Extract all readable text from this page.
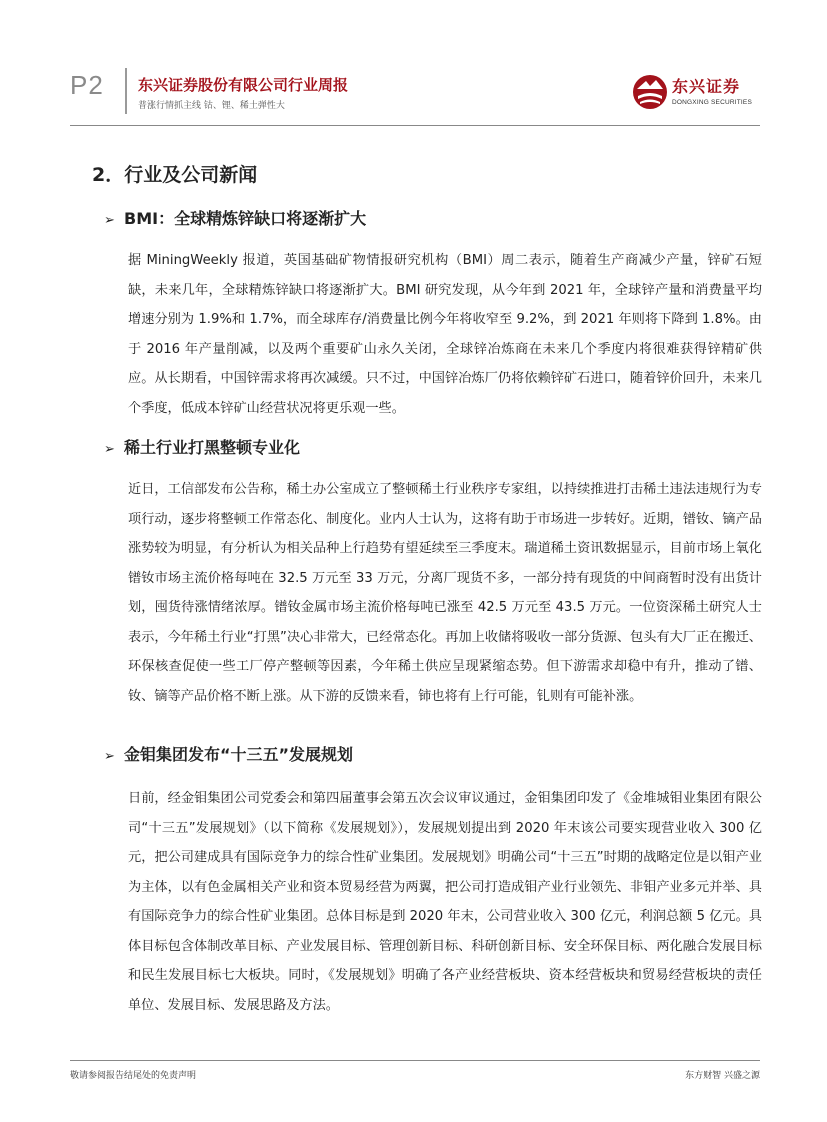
P2 东兴证券股份有限公司行业周报
普涨行情抓主线 钴、锂、稀土弹性大
东兴证券
DONGXING SECURITIES
2．行业及公司新闻
➢ BMI：全球精炼锌缺口将逐渐扩大
据 MiningWeekly 报道，英国基础矿物情报研究机构（BMI）周二表示，随着生产商减少产量，锌矿石短缺，未来几年，全球精炼锌缺口将逐渐扩大。BMI 研究发现，从今年到 2021 年，全球锌产量和消费量平均增速分别为 1.9%和 1.7%，而全球库存/消费量比例今年将收窄至 9.2%，到 2021 年则将下降到 1.8%。由于 2016 年产量削减，以及两个重要矿山永久关闭，全球锌冶炼商在未来几个季度内将很难获得锌精矿供应。从长期看，中国锌需求将再次减缓。只不过，中国锌冶炼厂仍将依赖锌矿石进口，随着锌价回升，未来几个季度，低成本锌矿山经营状况将更乐观一些。
➢ 稀土行业打黑整顿专业化
近日，工信部发布公告称，稀土办公室成立了整顿稀土行业秩序专家组，以持续推进打击稀土违法违规行为专项行动，逐步将整顿工作常态化、制度化。业内人士认为，这将有助于市场进一步转好。近期，镨钕、镝产品涨势较为明显，有分析认为相关品种上行趋势有望延续至三季度末。瑞道稀土资讯数据显示，目前市场上氧化镨钕市场主流价格每吨在 32.5 万元至 33 万元，分离厂现货不多，一部分持有现货的中间商暂时没有出货计划，囤货待涨情绪浓厚。镨钕金属市场主流价格每吨已涨至 42.5 万元至 43.5 万元。一位资深稀土研究人士表示，今年稀土行业“打黑”决心非常大，已经常态化。再加上收储将吸收一部分货源、包头有大厂正在搬迁、环保核查促使一些工厂停产整顿等因素，今年稀土供应呈现紧缩态势。但下游需求却稳中有升，推动了镨、钕、镝等产品价格不断上涨。从下游的反馈来看，铈也将有上行可能，钆则有可能补涨。
➢ 金钼集团发布“十三五”发展规划
日前，经金钼集团公司党委会和第四届董事会第五次会议审议通过，金钼集团印发了《金堆城钼业集团有限公司“十三五”发展规划》（以下简称《发展规划》），发展规划提出到 2020 年末该公司要实现营业收入 300 亿元，把公司建成具有国际竞争力的综合性矿业集团。发展规划》明确公司“十三五”时期的战略定位是以钼产业为主体，以有色金属相关产业和资本贸易经营为两翼，把公司打造成钼产业行业领先、非钼产业多元并举、具有国际竞争力的综合性矿业集团。总体目标是到 2020 年末，公司营业收入 300 亿元，利润总额 5 亿元。具体目标包含体制改革目标、产业发展目标、管理创新目标、科研创新目标、安全环保目标、两化融合发展目标和民生发展目标七大板块。同时，《发展规划》明确了各产业经营板块、资本经营板块和贸易经营板块的责任单位、发展目标、发展思路及方法。
敬请参阅报告结尾处的免责声明	东方财智 兴盛之源
